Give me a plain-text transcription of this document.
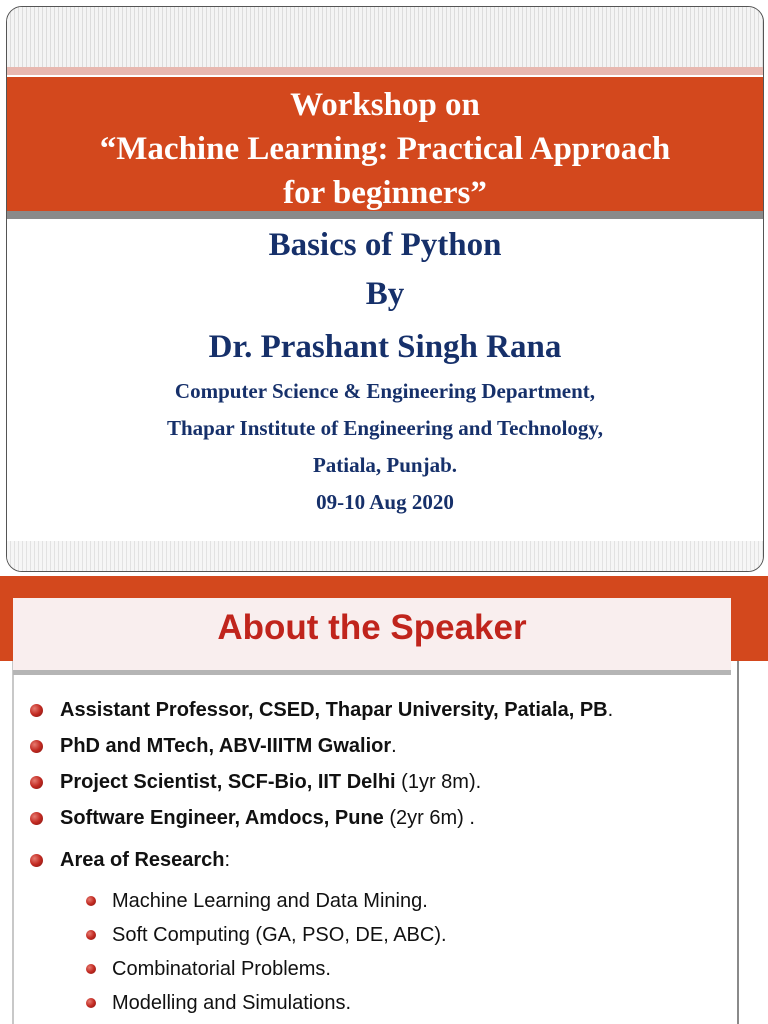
Workshop on
“Machine Learning: Practical Approach
for beginners”
Basics of Python
By
Dr. Prashant Singh Rana
Computer Science & Engineering Department,
Thapar Institute of Engineering and Technology,
Patiala, Punjab.
09-10 Aug 2020
About the Speaker
Assistant Professor, CSED, Thapar University, Patiala, PB.
PhD and MTech, ABV-IIITM Gwalior.
Project Scientist, SCF-Bio, IIT Delhi (1yr 8m).
Software Engineer, Amdocs, Pune (2yr 6m) .
Area of Research:
Machine Learning and Data Mining.
Soft Computing (GA, PSO, DE, ABC).
Combinatorial Problems.
Modelling and Simulations.
